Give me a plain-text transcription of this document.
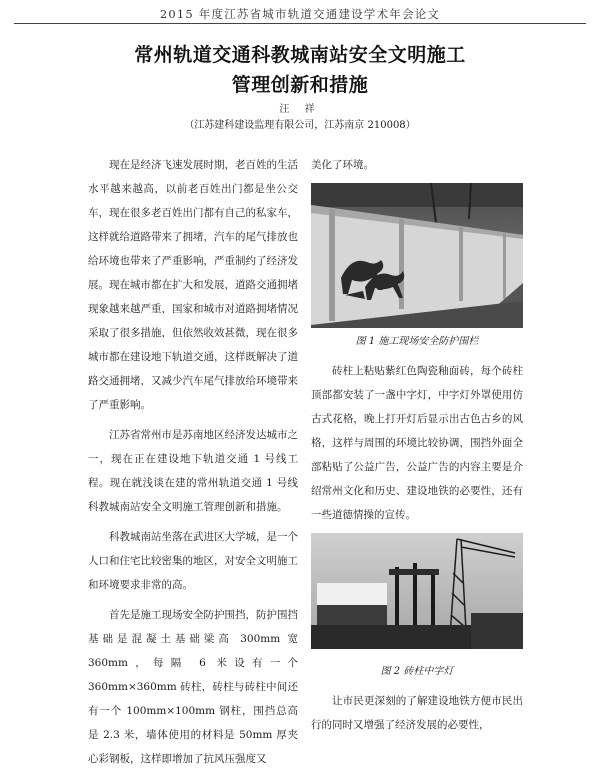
2015 年度江苏省城市轨道交通建设学术年会论文
常州轨道交通科教城南站安全文明施工
管理创新和措施
汪 祥
（江苏建科建设监理有限公司，江苏南京 210008）

现在是经济飞速发展时期，老百姓的生活水平越来越高，以前老百姓出门都是坐公交车，现在很多老百姓出门都有自己的私家车，这样就给道路带来了拥堵，汽车的尾气排放也给环境也带来了严重影响，严重制约了经济发展。现在城市都在扩大和发展，道路交通拥堵现象越来越严重，国家和城市对道路拥堵情况采取了很多措施，但依然收效甚微，现在很多城市都在建设地下轨道交通，这样既解决了道路交通拥堵，又减少汽车尾气排放给环境带来了严重影响。

江苏省常州市是苏南地区经济发达城市之一，现在正在建设地下轨道交通 1 号线工程。现在就浅谈在建的常州轨道交通 1 号线科教城南站安全文明施工管理创新和措施。

科教城南站坐落在武进区大学城，是一个人口和住宅比较密集的地区，对安全文明施工和环境要求非常的高。

首先是施工现场安全防护围挡，防护围挡基础是混凝土基础梁高 300mm 宽 360mm，每隔 6 米设有一个 360mm×360mm 砖柱，砖柱与砖柱中间还有一个 100mm×100mm 钢柱，围挡总高是 2.3 米，墙体使用的材料是 50mm 厚夹心彩钢板，这样即增加了抗风压强度又

美化了环境。

图 1 施工现场安全防护围栏

砖柱上粘贴紫红色陶瓷釉面砖，每个砖柱顶部都安装了一盏中字灯，中字灯外罩使用仿古式花格，晚上打开灯后显示出古色古乡的风格，这样与周围的环境比较协调，围挡外面全部粘贴了公益广告，公益广告的内容主要是介绍常州文化和历史、建设地铁的必要性，还有一些道德情操的宣传。

图 2 砖柱中字灯

让市民更深刻的了解建设地铁方便市民出行的同时又增强了经济发展的必要性，
